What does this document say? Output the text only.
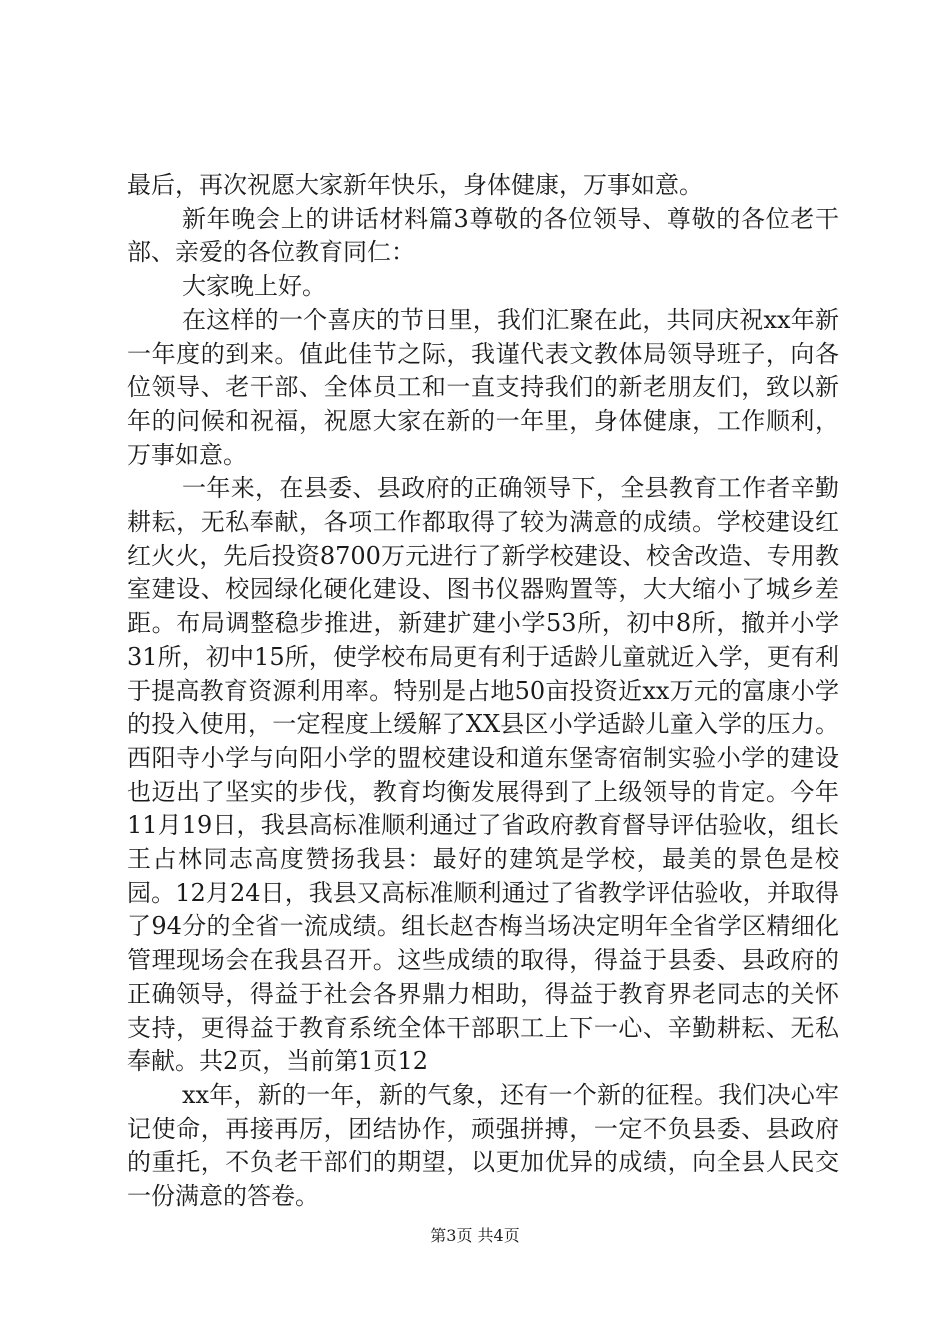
最后，再次祝愿大家新年快乐，身体健康，万事如意。

新年晚会上的讲话材料篇3尊敬的各位领导、尊敬的各位老干部、亲爱的各位教育同仁：

大家晚上好。

在这样的一个喜庆的节日里，我们汇聚在此，共同庆祝xx年新一年度的到来。值此佳节之际，我谨代表文教体局领导班子，向各位领导、老干部、全体员工和一直支持我们的新老朋友们，致以新年的问候和祝福，祝愿大家在新的一年里，身体健康，工作顺利，万事如意。

一年来，在县委、县政府的正确领导下，全县教育工作者辛勤耕耘，无私奉献，各项工作都取得了较为满意的成绩。学校建设红红火火，先后投资8700万元进行了新学校建设、校舍改造、专用教室建设、校园绿化硬化建设、图书仪器购置等，大大缩小了城乡差距。布局调整稳步推进，新建扩建小学53所，初中8所，撤并小学31所，初中15所，使学校布局更有利于适龄儿童就近入学，更有利于提高教育资源利用率。特别是占地50亩投资近xx万元的富康小学的投入使用，一定程度上缓解了XX县区小学适龄儿童入学的压力。西阳寺小学与向阳小学的盟校建设和道东堡寄宿制实验小学的建设也迈出了坚实的步伐，教育均衡发展得到了上级领导的肯定。今年11月19日，我县高标准顺利通过了省政府教育督导评估验收，组长王占林同志高度赞扬我县：最好的建筑是学校，最美的景色是校园。12月24日，我县又高标准顺利通过了省教学评估验收，并取得了94分的全省一流成绩。组长赵杏梅当场决定明年全省学区精细化管理现场会在我县召开。这些成绩的取得，得益于县委、县政府的正确领导，得益于社会各界鼎力相助，得益于教育界老同志的关怀支持，更得益于教育系统全体干部职工上下一心、辛勤耕耘、无私奉献。共2页，当前第1页12

xx年，新的一年，新的气象，还有一个新的征程。我们决心牢记使命，再接再厉，团结协作，顽强拼搏，一定不负县委、县政府的重托，不负老干部们的期望，以更加优异的成绩，向全县人民交一份满意的答卷。

第3页 共4页
